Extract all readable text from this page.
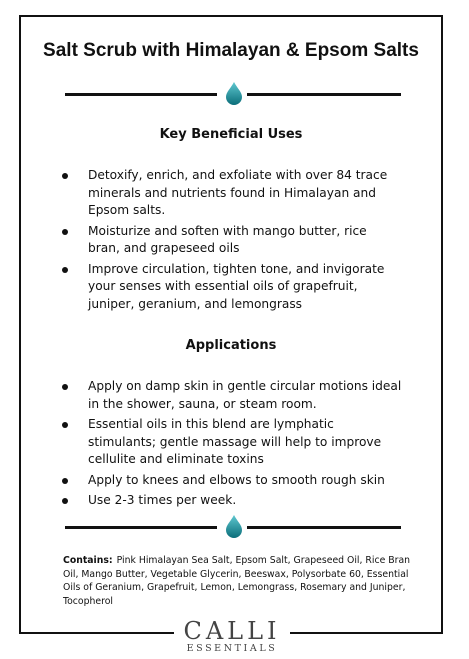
Salt Scrub with Himalayan & Epsom Salts
Key Beneficial Uses
Detoxify, enrich, and exfoliate with over 84 trace minerals and nutrients found in Himalayan and Epsom salts.
Moisturize and soften with mango butter, rice bran, and grapeseed oils
Improve circulation, tighten tone, and invigorate your senses with essential oils of grapefruit, juniper, geranium, and lemongrass
Applications
Apply on damp skin in gentle circular motions ideal in the shower, sauna, or steam room.
Essential oils in this blend are lymphatic stimulants; gentle massage will help to improve cellulite and eliminate toxins
Apply to knees and elbows to smooth rough skin
Use 2-3 times per week.
Contains: Pink Himalayan Sea Salt, Epsom Salt, Grapeseed Oil, Rice Bran Oil, Mango Butter, Vegetable Glycerin, Beeswax, Polysorbate 60, Essential Oils of Geranium, Grapefruit, Lemon, Lemongrass, Rosemary and Juniper, Tocopherol
CALLI
ESSENTIALS
